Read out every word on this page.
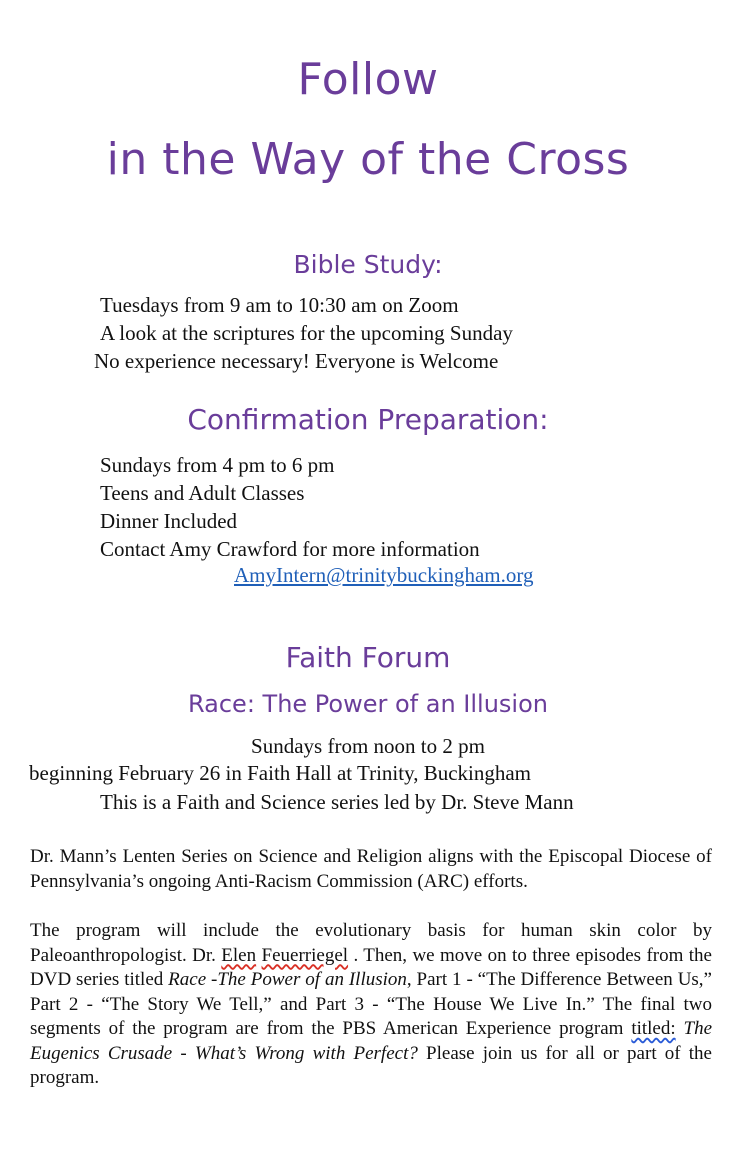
Follow
in the Way of the Cross
Bible Study:
Tuesdays from 9 am to 10:30 am on Zoom
A look at the scriptures for the upcoming Sunday
No experience necessary! Everyone is Welcome
Confirmation Preparation:
Sundays from 4 pm to 6 pm
Teens and Adult Classes
Dinner Included
Contact Amy Crawford for more information
AmyIntern@trinitybuckingham.org
Faith Forum
Race: The Power of an Illusion
Sundays from noon to 2 pm
beginning February 26 in Faith Hall at Trinity, Buckingham
This is a Faith and Science series led by Dr. Steve Mann
Dr. Mann’s Lenten Series on Science and Religion aligns with the Episcopal Diocese of Pennsylvania’s ongoing Anti-Racism Commission (ARC) efforts.
The program will include the evolutionary basis for human skin color by Paleoanthropologist. Dr. Elen Feuerriegel . Then, we move on to three episodes from the DVD series titled Race -The Power of an Illusion, Part 1 - “The Difference Between Us,” Part 2 - “The Story We Tell,” and Part 3 - “The House We Live In.” The final two segments of the program are from the PBS American Experience program titled: The Eugenics Crusade - What’s Wrong with Perfect? Please join us for all or part of the program.
